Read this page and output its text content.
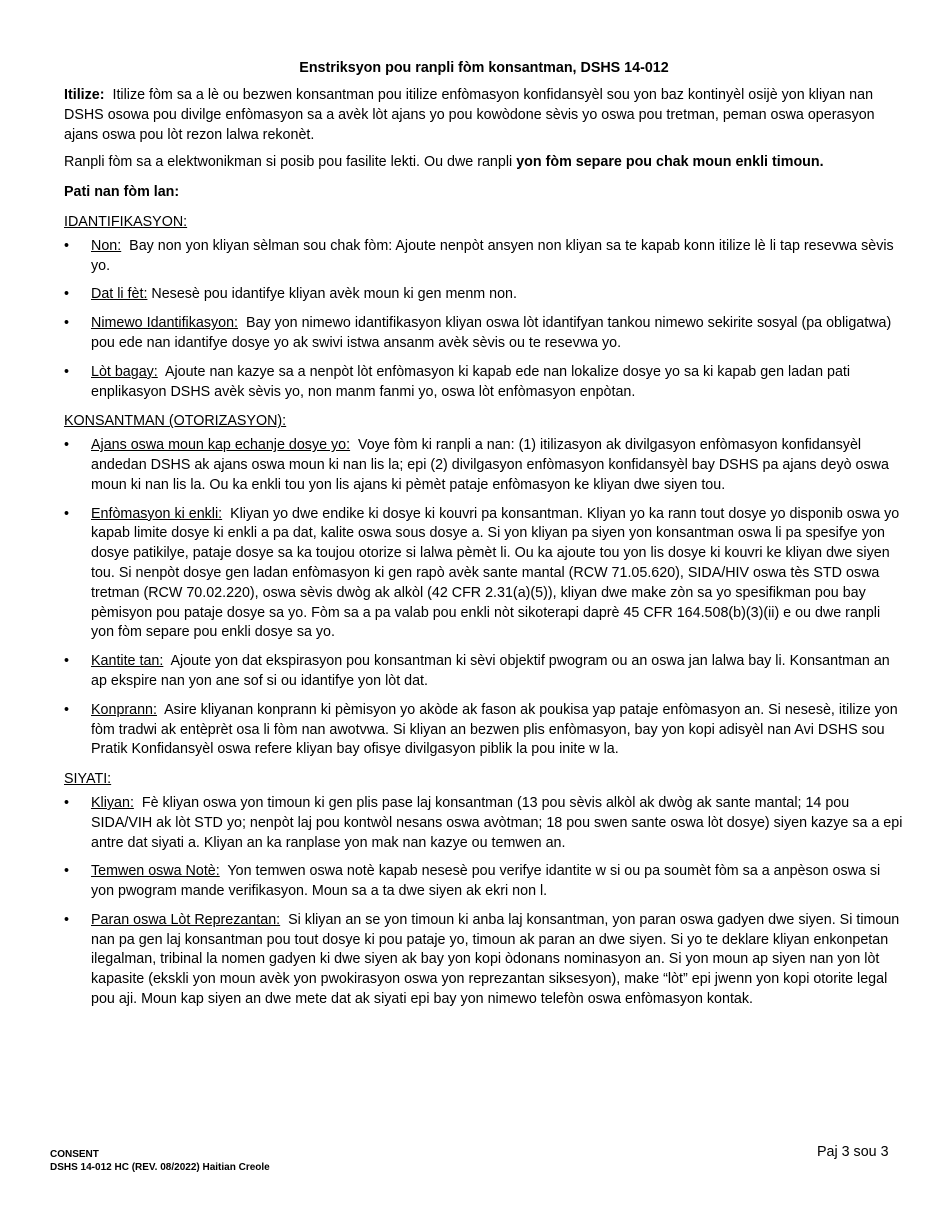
Enstriksyon pou ranpli fòm konsantman, DSHS 14-012

Itilize: Itilize fòm sa a lè ou bezwen konsantman pou itilize enfòmasyon konfidansyèl sou yon baz kontinyèl osijè yon kliyan nan DSHS osowa pou divilge enfòmasyon sa a avèk lòt ajans yo pou kowòdone sèvis yo oswa pou tretman, peman oswa operasyon ajans oswa pou lòt rezon lalwa rekonèt.

Ranpli fòm sa a elektwonikman si posib pou fasilite lekti. Ou dwe ranpli yon fòm separe pou chak moun enkli timoun.

Pati nan fòm lan:

IDANTIFIKASYON:

• Non: Bay non yon kliyan sèlman sou chak fòm: Ajoute nenpòt ansyen non kliyan sa te kapab konn itilize lè li tap resevwa sèvis yo.
• Dat li fèt: Nesesè pou idantifye kliyan avèk moun ki gen menm non.
• Nimewo Idantifikasyon: Bay yon nimewo idantifikasyon kliyan oswa lòt idantifyan tankou nimewo sekirite sosyal (pa obligatwa) pou ede nan idantifye dosye yo ak swivi istwa ansanm avèk sèvis ou te resevwa yo.
• Lòt bagay: Ajoute nan kazye sa a nenpòt lòt enfòmasyon ki kapab ede nan lokalize dosye yo sa ki kapab gen ladan pati enplikasyon DSHS avèk sèvis yo, non manm fanmi yo, oswa lòt enfòmasyon enpòtan.

KONSANTMAN (OTORIZASYON):

• Ajans oswa moun kap echanje dosye yo: Voye fòm ki ranpli a nan: (1) itilizasyon ak divilgasyon enfòmasyon konfidansyèl andedan DSHS ak ajans oswa moun ki nan lis la; epi (2) divilgasyon enfòmasyon konfidansyèl bay DSHS pa ajans deyò oswa moun ki nan lis la. Ou ka enkli tou yon lis ajans ki pèmèt pataje enfòmasyon ke kliyan dwe siyen tou.
• Enfòmasyon ki enkli: Kliyan yo dwe endike ki dosye ki kouvri pa konsantman. Kliyan yo ka rann tout dosye yo disponib oswa yo kapab limite dosye ki enkli a pa dat, kalite oswa sous dosye a. Si yon kliyan pa siyen yon konsantman oswa li pa spesifye yon dosye patikilye, pataje dosye sa ka toujou otorize si lalwa pèmèt li. Ou ka ajoute tou yon lis dosye ki kouvri ke kliyan dwe siyen tou. Si nenpòt dosye gen ladan enfòmasyon ki gen rapò avèk sante mantal (RCW 71.05.620), SIDA/HIV oswa tès STD oswa tretman (RCW 70.02.220), oswa sèvis dwòg ak alkòl (42 CFR 2.31(a)(5)), kliyan dwe make zòn sa yo spesifikman pou bay pèmisyon pou pataje dosye sa yo. Fòm sa a pa valab pou enkli nòt sikoterapi daprè 45 CFR 164.508(b)(3)(ii) e ou dwe ranpli yon fòm separe pou enkli dosye sa yo.
• Kantite tan: Ajoute yon dat ekspirasyon pou konsantman ki sèvi objektif pwogram ou an oswa jan lalwa bay li. Konsantman an ap ekspire nan yon ane sof si ou idantifye yon lòt dat.
• Konprann: Asire kliyanan konprann ki pèmisyon yo akòde ak fason ak poukisa yap pataje enfòmasyon an. Si nesesè, itilize yon fòm tradwi ak entèprèt osa li fòm nan awotvwa. Si kliyan an bezwen plis enfòmasyon, bay yon kopi adisyèl nan Avi DSHS sou Pratik Konfidansyèl oswa refere kliyan bay ofisye divilgasyon piblik la pou inite w la.

SIYATI:

• Kliyan: Fè kliyan oswa yon timoun ki gen plis pase laj konsantman (13 pou sèvis alkòl ak dwòg ak sante mantal; 14 pou SIDA/VIH ak lòt STD yo; nenpòt laj pou kontwòl nesans oswa avòtman; 18 pou swen sante oswa lòt dosye) siyen kazye sa a epi antre dat siyati a. Kliyan an ka ranplase yon mak nan kazye ou temwen an.
• Temwen oswa Notè: Yon temwen oswa notè kapab nesesè pou verifye idantite w si ou pa soumèt fòm sa a anpèson oswa si yon pwogram mande verifikasyon. Moun sa a ta dwe siyen ak ekri non l.
• Paran oswa Lòt Reprezantan: Si kliyan an se yon timoun ki anba laj konsantman, yon paran oswa gadyen dwe siyen. Si timoun nan pa gen laj konsantman pou tout dosye ki pou pataje yo, timoun ak paran an dwe siyen. Si yo te deklare kliyan enkonpetan ilegalman, tribinal la nomen gadyen ki dwe siyen ak bay yon kopi òdonans nominasyon an. Si yon moun ap siyen nan yon lòt kapasite (ekskli yon moun avèk yon pwokirasyon oswa yon reprezantan siksesyon), make “lòt” epi jwenn yon kopi otorite legal pou aji. Moun kap siyen an dwe mete dat ak siyati epi bay yon nimewo telefòn oswa enfòmasyon kontak.
CONSENT
DSHS 14-012 HC (REV. 08/2022) Haitian Creole
Paj 3 sou 3
